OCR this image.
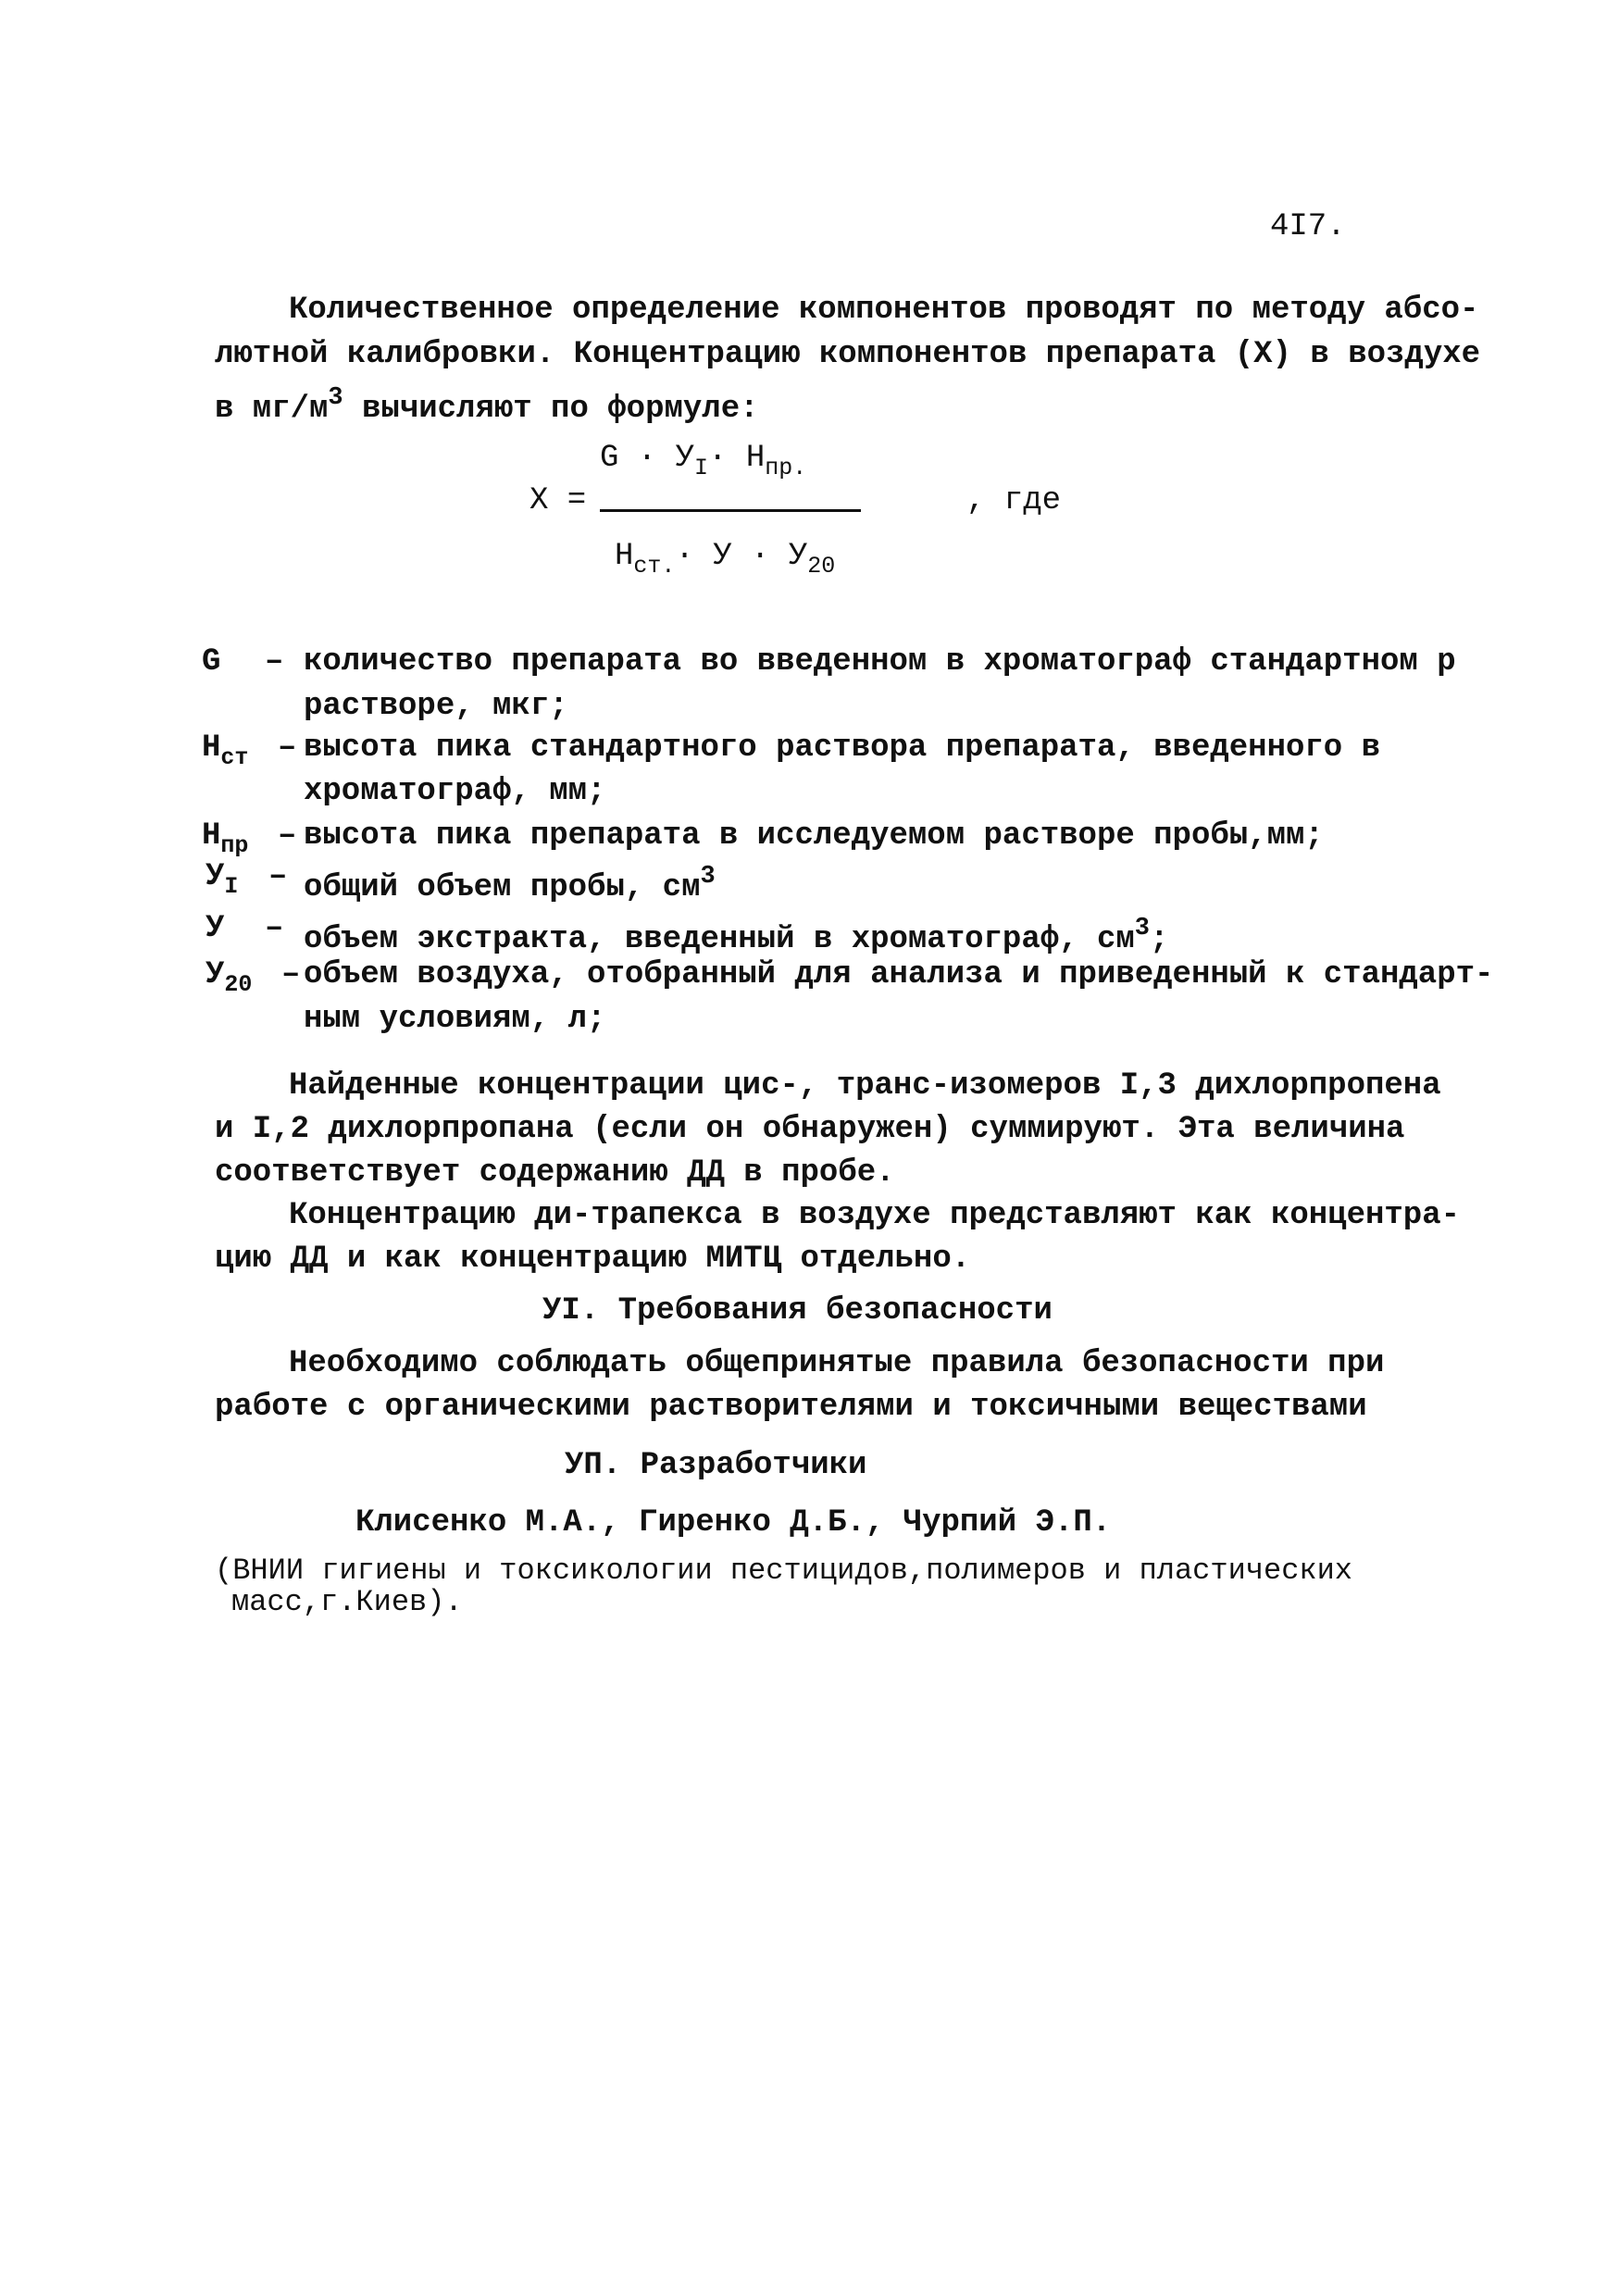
4I7.
Количественное определение компонентов проводят по методу абсо-
лютной калибровки. Концентрацию компонентов препарата (X) в воздухе
в $мг/м^3$ вычисляют по формуле:
X =
$G \cdot У_I\cdot Н_{пр.}$
$Н_{ст.}\cdot У \cdot У_{20}$
, где
G – количество препарата во введенном в хроматограф стандартном р
растворе, мкг;
$Н_{ст}$ – высота пика стандартного раствора препарата, введенного в
хроматограф, мм;
$Н_{пр}$ – высота пика препарата в исследуемом растворе пробы,мм;
$У_I$ – общий объем пробы, $см^3$
У – объем экстракта, введенный в хроматограф, $см^3$;
$У_{20}$ – объем воздуха, отобранный для анализа и приведенный к стандарт-
ным условиям, л;
Найденные концентрации цис-, транс-изомеров I,3 дихлорпропена
и I,2 дихлорпропана (если он обнаружен) суммируют. Эта величина
соответствует содержанию ДД в пробе.
Концентрацию ди-трапекса в воздухе представляют как концентра-
цию ДД и как концентрацию МИТЦ отдельно.
УI. Требования безопасности
Необходимо соблюдать общепринятые правила безопасности при
работе с органическими растворителями и токсичными веществами
УП. Разработчики
Клисенко М.А., Гиренко Д.Б., Чурпий Э.П.
(ВНИИ гигиены и токсикологии пестицидов,полимеров и пластических
масс,г.Киев).
